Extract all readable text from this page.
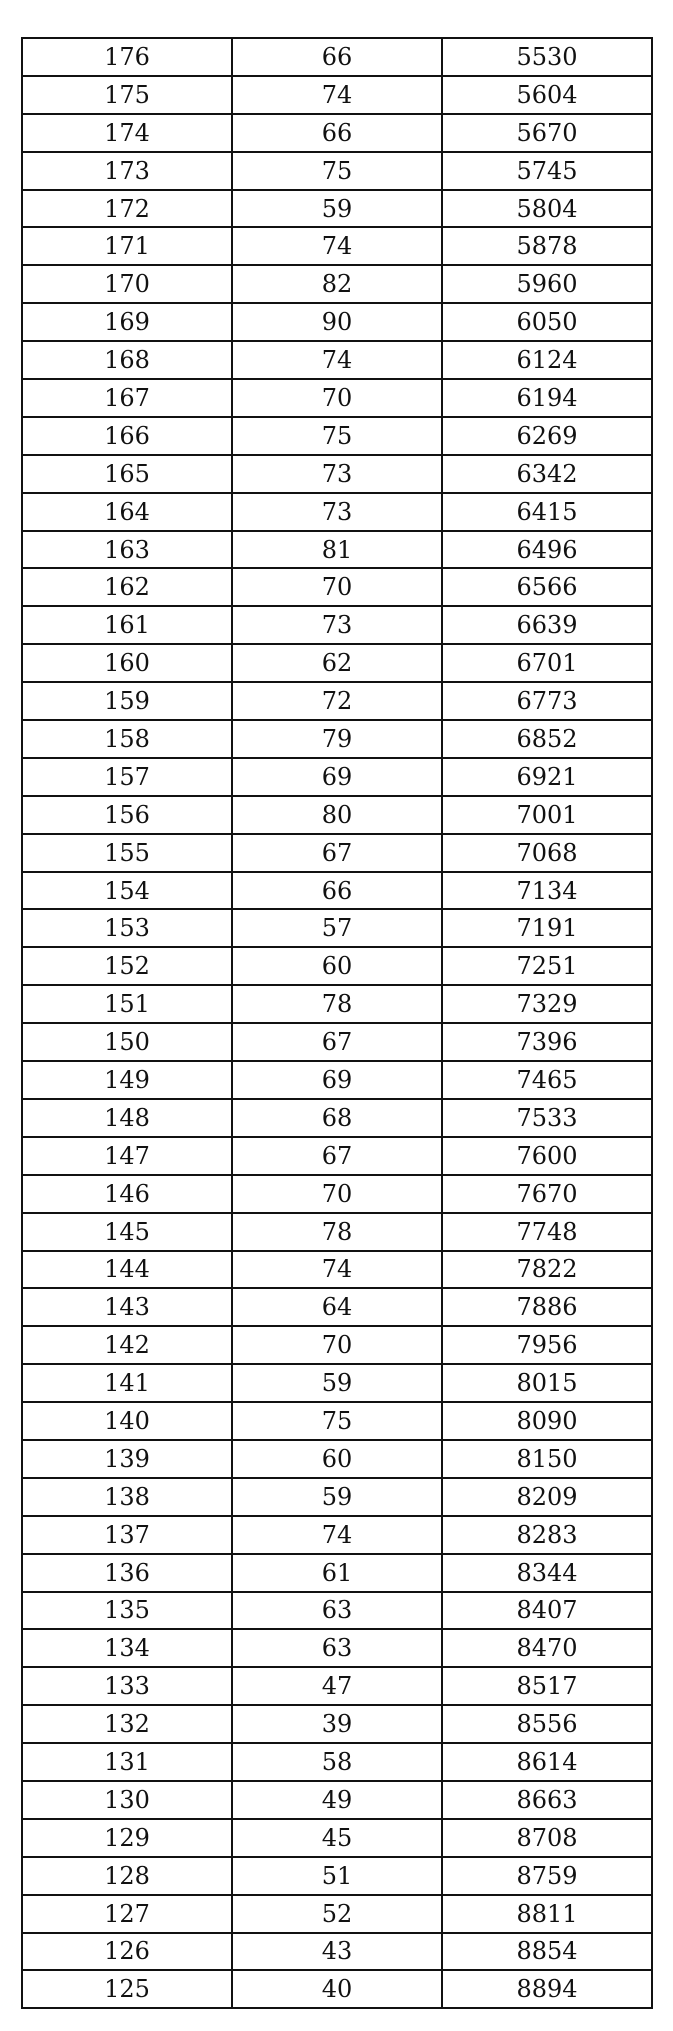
176	66	5530
175	74	5604
174	66	5670
173	75	5745
172	59	5804
171	74	5878
170	82	5960
169	90	6050
168	74	6124
167	70	6194
166	75	6269
165	73	6342
164	73	6415
163	81	6496
162	70	6566
161	73	6639
160	62	6701
159	72	6773
158	79	6852
157	69	6921
156	80	7001
155	67	7068
154	66	7134
153	57	7191
152	60	7251
151	78	7329
150	67	7396
149	69	7465
148	68	7533
147	67	7600
146	70	7670
145	78	7748
144	74	7822
143	64	7886
142	70	7956
141	59	8015
140	75	8090
139	60	8150
138	59	8209
137	74	8283
136	61	8344
135	63	8407
134	63	8470
133	47	8517
132	39	8556
131	58	8614
130	49	8663
129	45	8708
128	51	8759
127	52	8811
126	43	8854
125	40	8894
